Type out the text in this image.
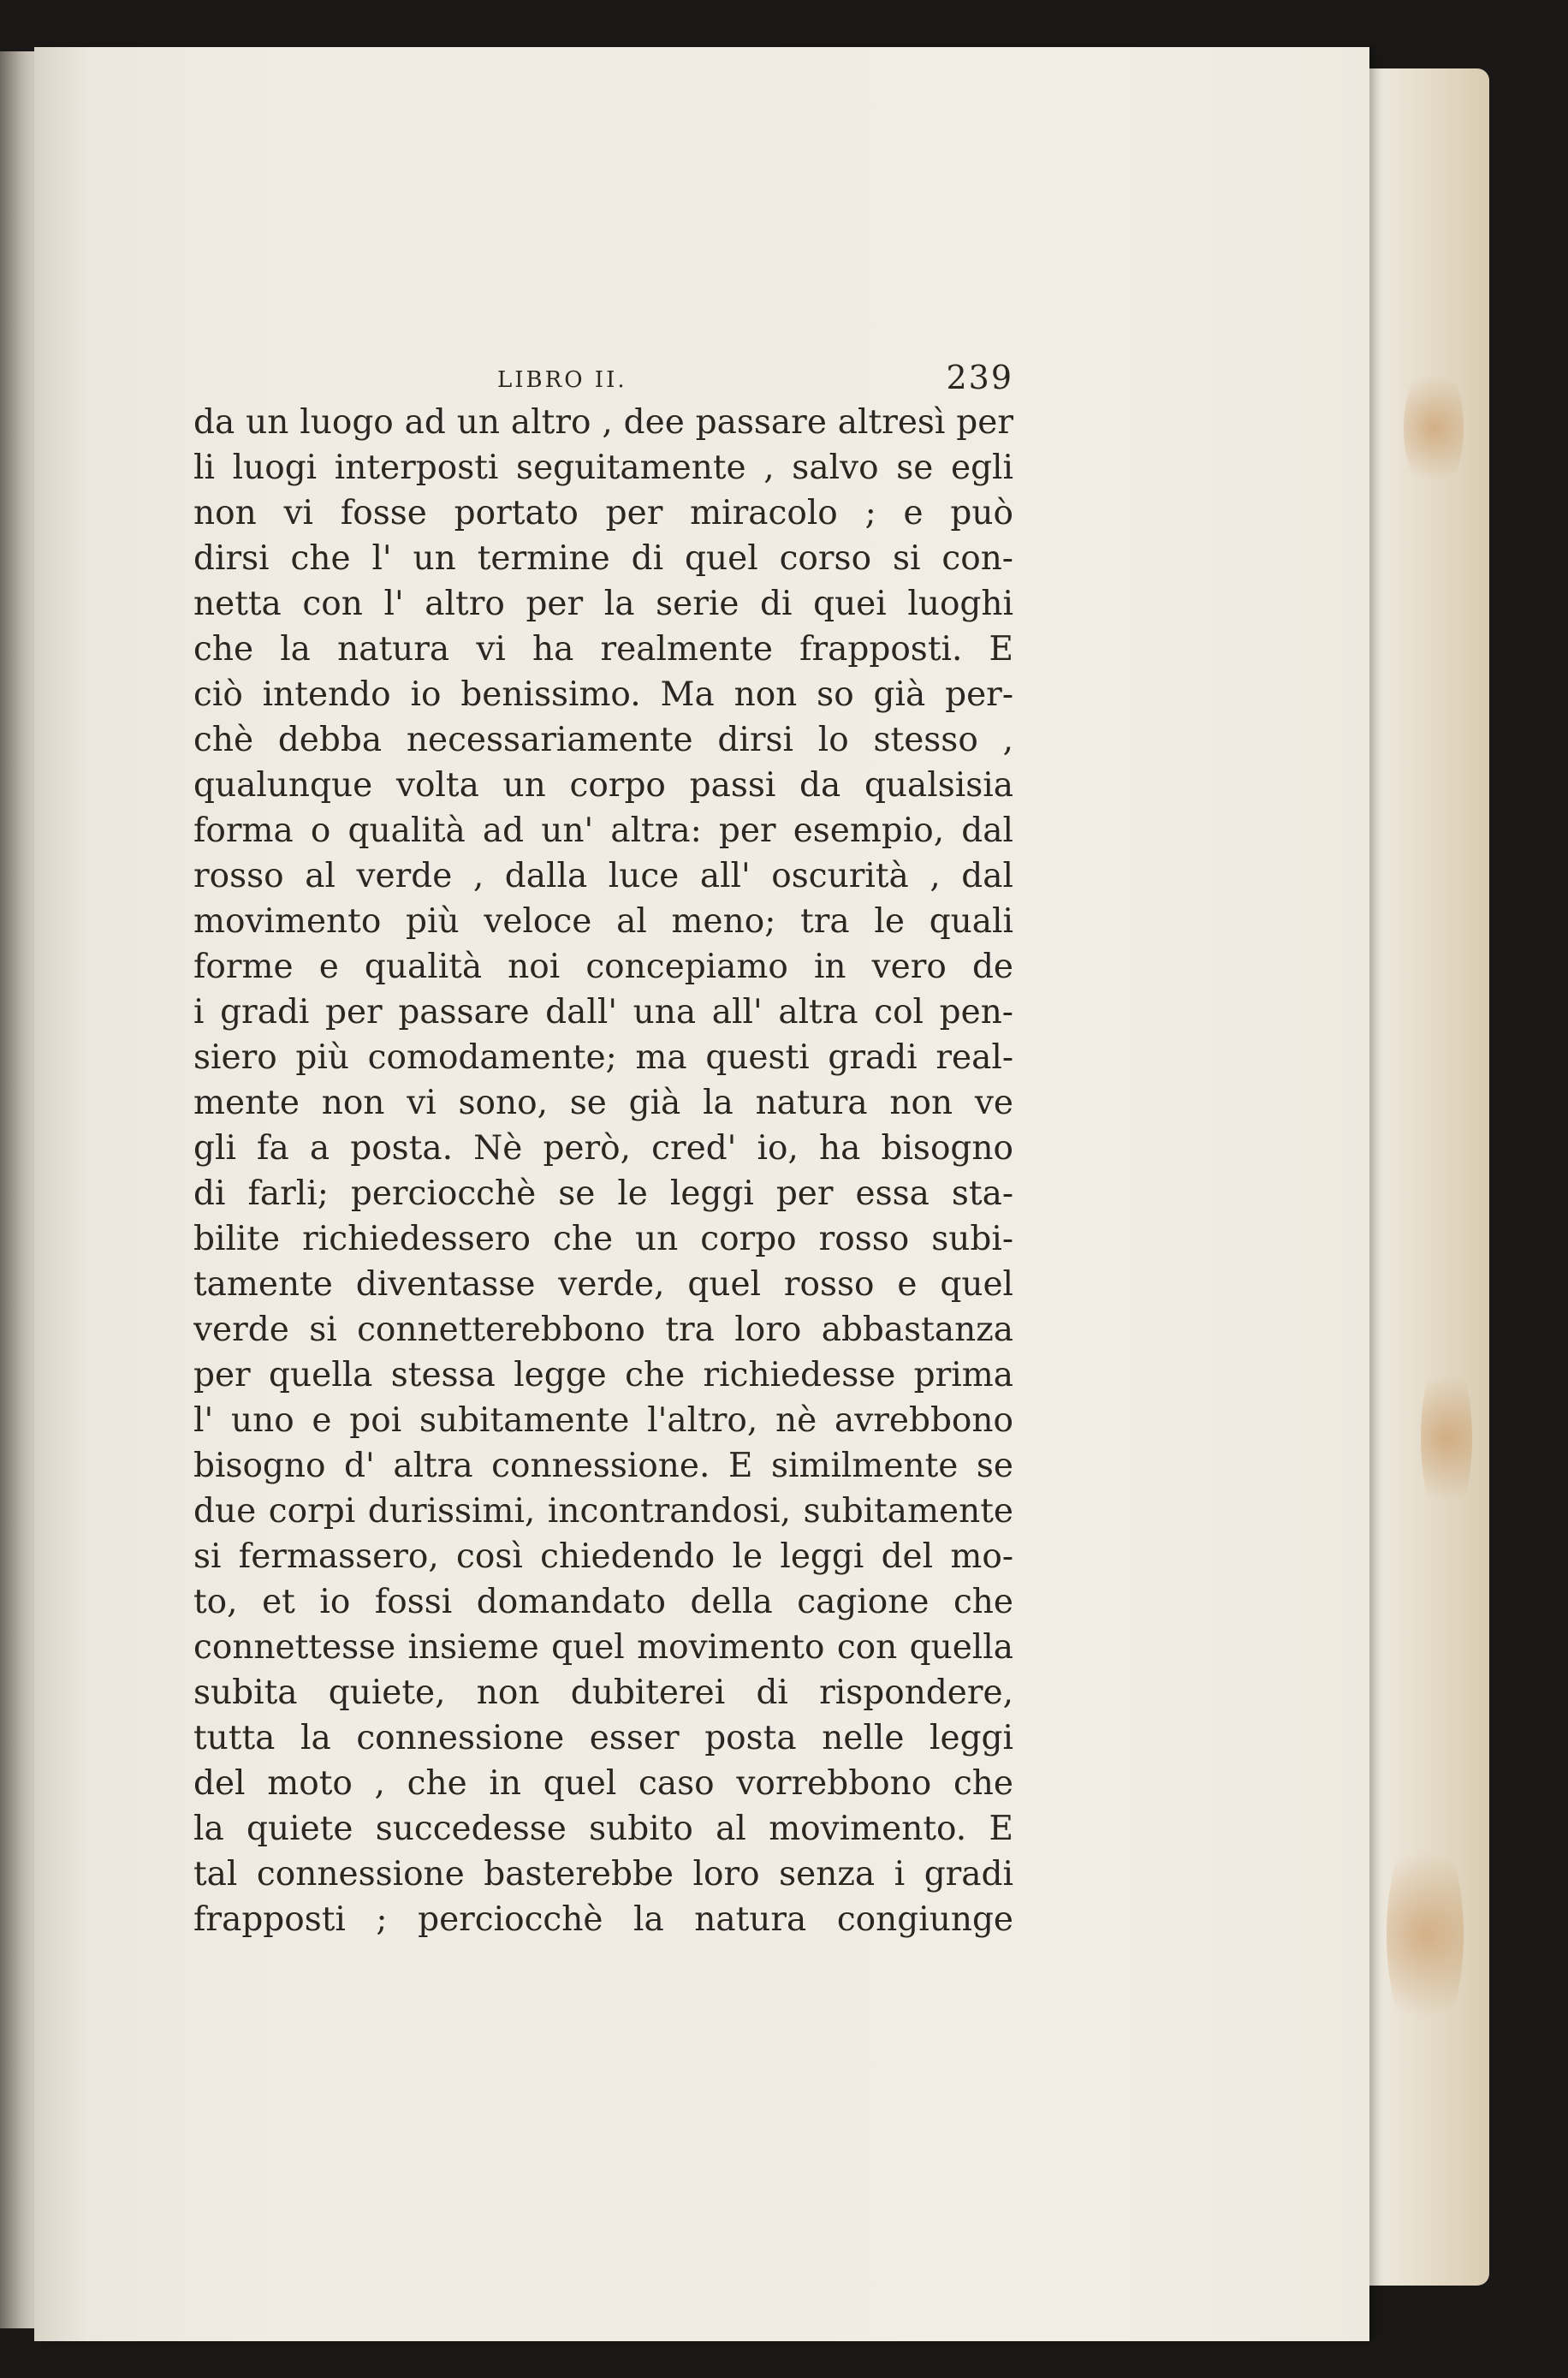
LIBRO II.	239
da un luogo ad un altro , dee passare altresì per
li luogi interposti seguitamente , salvo se egli
non vi fosse portato per miracolo ; e può
dirsi che l' un termine di quel corso si con-
netta con l' altro per la serie di quei luoghi
che la natura vi ha realmente frapposti. E
ciò intendo io benissimo. Ma non so già per-
chè debba necessariamente dirsi lo stesso ,
qualunque volta un corpo passi da qualsisia
forma o qualità ad un' altra: per esempio, dal
rosso al verde , dalla luce all' oscurità , dal
movimento più veloce al meno; tra le quali
forme e qualità noi concepiamo in vero de
i gradi per passare dall' una all' altra col pen-
siero più comodamente; ma questi gradi real-
mente non vi sono, se già la natura non ve
gli fa a posta. Nè però, cred' io, ha bisogno
di farli; perciocchè se le leggi per essa sta-
bilite richiedessero che un corpo rosso subi-
tamente diventasse verde, quel rosso e quel
verde si connetterebbono tra loro abbastanza
per quella stessa legge che richiedesse prima
l' uno e poi subitamente l'altro, nè avrebbono
bisogno d' altra connessione. E similmente se
due corpi durissimi, incontrandosi, subitamente
si fermassero, così chiedendo le leggi del mo-
to, et io fossi domandato della cagione che
connettesse insieme quel movimento con quella
subita quiete, non dubiterei di rispondere,
tutta la connessione esser posta nelle leggi
del moto , che in quel caso vorrebbono che
la quiete succedesse subito al movimento. E
tal connessione basterebbe loro senza i gradi
frapposti ; perciocchè la natura congiunge
